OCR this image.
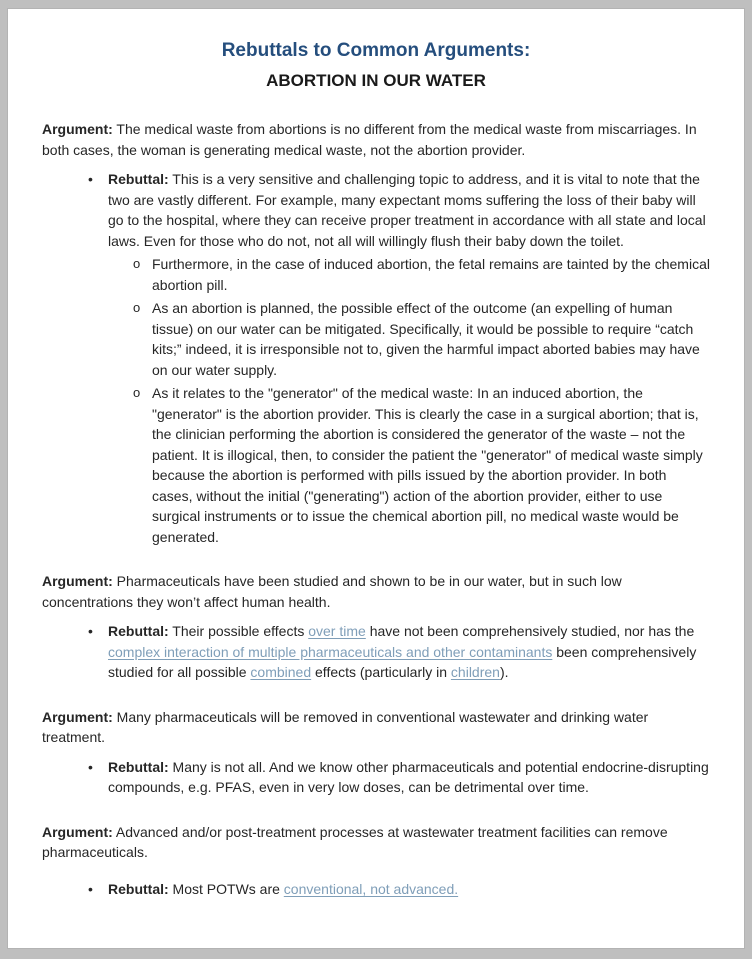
Rebuttals to Common Arguments:
ABORTION IN OUR WATER

Argument: The medical waste from abortions is no different from the medical waste from miscarriages. In both cases, the woman is generating medical waste, not the abortion provider.

•	Rebuttal: This is a very sensitive and challenging topic to address, and it is vital to note that the two are vastly different. For example, many expectant moms suffering the loss of their baby will go to the hospital, where they can receive proper treatment in accordance with all state and local laws. Even for those who do not, not all will willingly flush their baby down the toilet.
o Furthermore, in the case of induced abortion, the fetal remains are tainted by the chemical abortion pill.
o As an abortion is planned, the possible effect of the outcome (an expelling of human tissue) on our water can be mitigated. Specifically, it would be possible to require “catch kits;” indeed, it is irresponsible not to, given the harmful impact aborted babies may have on our water supply.
o As it relates to the "generator" of the medical waste: In an induced abortion, the "generator" is the abortion provider. This is clearly the case in a surgical abortion; that is, the clinician performing the abortion is considered the generator of the waste – not the patient. It is illogical, then, to consider the patient the "generator" of medical waste simply because the abortion is performed with pills issued by the abortion provider. In both cases, without the initial ("generating") action of the abortion provider, either to use surgical instruments or to issue the chemical abortion pill, no medical waste would be generated.

Argument: Pharmaceuticals have been studied and shown to be in our water, but in such low concentrations they won’t affect human health.

•	Rebuttal: Their possible effects over time have not been comprehensively studied, nor has the complex interaction of multiple pharmaceuticals and other contaminants been comprehensively studied for all possible combined effects (particularly in children).

Argument: Many pharmaceuticals will be removed in conventional wastewater and drinking water treatment.

•	Rebuttal: Many is not all. And we know other pharmaceuticals and potential endocrine-disrupting compounds, e.g. PFAS, even in very low doses, can be detrimental over time.

Argument: Advanced and/or post-treatment processes at wastewater treatment facilities can remove pharmaceuticals.

•	Rebuttal: Most POTWs are conventional, not advanced.
